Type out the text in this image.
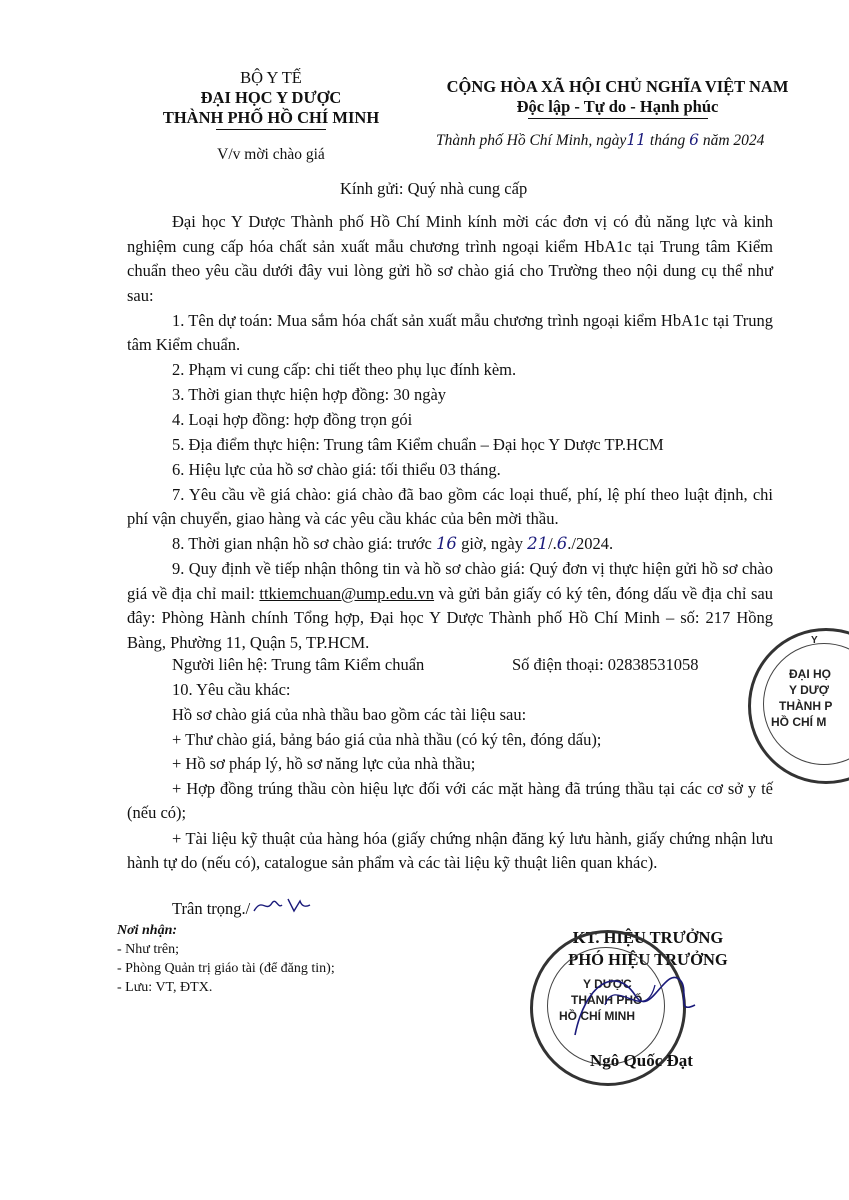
BỘ Y TẾ
ĐẠI HỌC Y DƯỢC
THÀNH PHỐ HỒ CHÍ MINH
V/v mời chào giá
CỘNG HÒA XÃ HỘI CHỦ NGHĨA VIỆT NAM
Độc lập - Tự do - Hạnh phúc
Thành phố Hồ Chí Minh, ngày11 tháng 6 năm 2024
Kính gửi: Quý nhà cung cấp
Đại học Y Dược Thành phố Hồ Chí Minh kính mời các đơn vị có đủ năng lực và kinh nghiệm cung cấp hóa chất sản xuất mẫu chương trình ngoại kiểm HbA1c tại Trung tâm Kiểm chuẩn theo yêu cầu dưới đây vui lòng gửi hồ sơ chào giá cho Trường theo nội dung cụ thể như sau:
1. Tên dự toán: Mua sắm hóa chất sản xuất mẫu chương trình ngoại kiểm HbA1c tại Trung tâm Kiểm chuẩn.
2. Phạm vi cung cấp: chi tiết theo phụ lục đính kèm.
3. Thời gian thực hiện hợp đồng: 30 ngày
4. Loại hợp đồng: hợp đồng trọn gói
5. Địa điểm thực hiện: Trung tâm Kiểm chuẩn – Đại học Y Dược TP.HCM
6. Hiệu lực của hồ sơ chào giá: tối thiểu 03 tháng.
7. Yêu cầu về giá chào: giá chào đã bao gồm các loại thuế, phí, lệ phí theo luật định, chi phí vận chuyển, giao hàng và các yêu cầu khác của bên mời thầu.
8. Thời gian nhận hồ sơ chào giá: trước 16 giờ, ngày 21/.6./2024.
9. Quy định về tiếp nhận thông tin và hồ sơ chào giá: Quý đơn vị thực hiện gửi hồ sơ chào giá về địa chỉ mail: ttkiemchuan@ump.edu.vn và gửi bản giấy có ký tên, đóng dấu về địa chỉ sau đây: Phòng Hành chính Tổng hợp, Đại học Y Dược Thành phố Hồ Chí Minh – số: 217 Hồng Bàng, Phường 11, Quận 5, TP.HCM.
Người liên hệ: Trung tâm Kiểm chuẩn	Số điện thoại: 02838531058
10. Yêu cầu khác:
Hồ sơ chào giá của nhà thầu bao gồm các tài liệu sau:
+ Thư chào giá, bảng báo giá của nhà thầu (có ký tên, đóng dấu);
+ Hồ sơ pháp lý, hồ sơ năng lực của nhà thầu;
+ Hợp đồng trúng thầu còn hiệu lực đối với các mặt hàng đã trúng thầu tại các cơ sở y tế (nếu có);
+ Tài liệu kỹ thuật của hàng hóa (giấy chứng nhận đăng ký lưu hành, giấy chứng nhận lưu hành tự do (nếu có), catalogue sản phẩm và các tài liệu kỹ thuật liên quan khác).
Trân trọng./
Nơi nhận:
- Như trên;
- Phòng Quản trị giáo tài (để đăng tin);
- Lưu: VT, ĐTX.
KT. HIỆU TRƯỞNG
PHÓ HIỆU TRƯỞNG
Y DƯỢC
THÀNH PHỐ
HỒ CHÍ MINH
Ngô Quốc Đạt
Y
ĐẠI HỌ
Y DƯỢ
THÀNH P
HỒ CHÍ M
